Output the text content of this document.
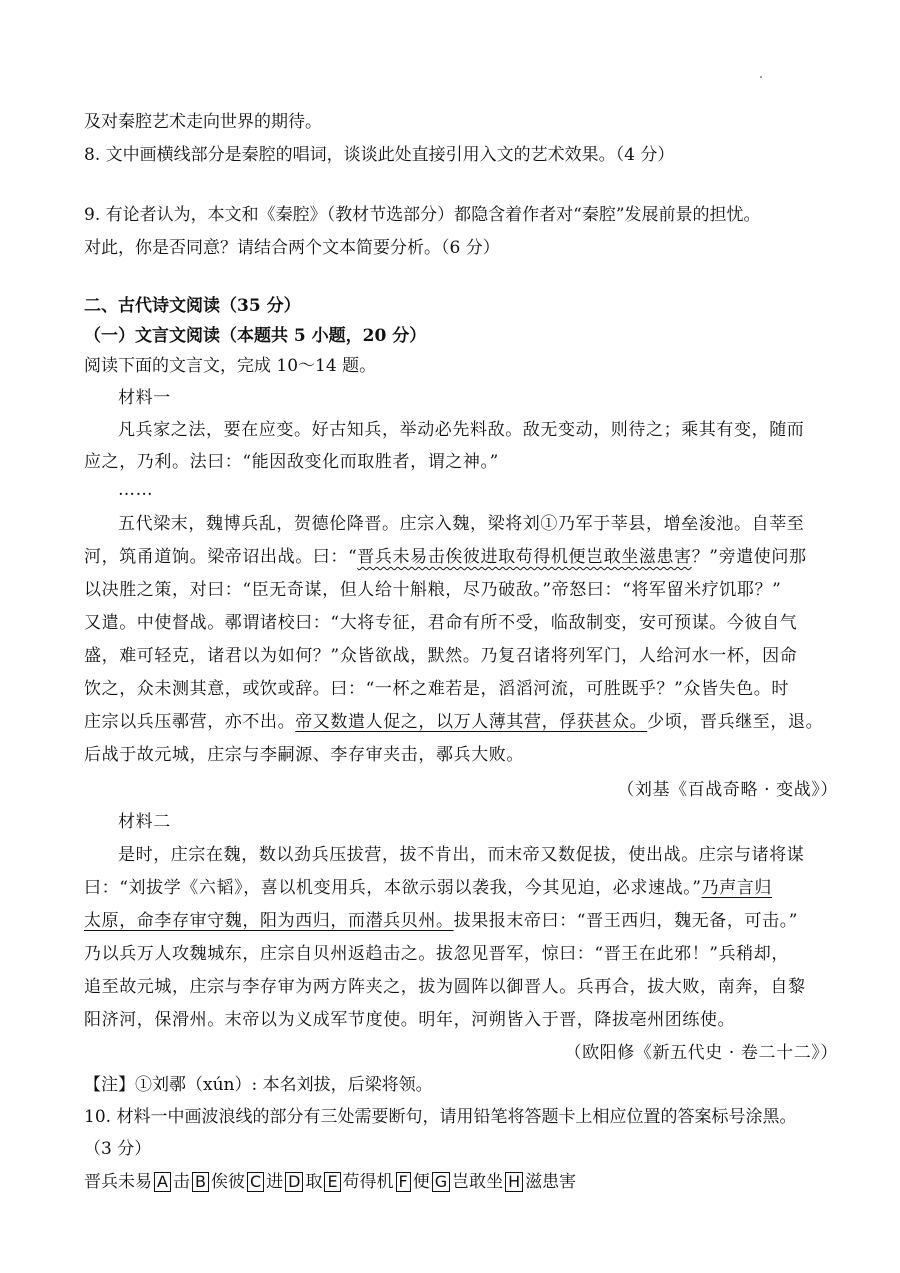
及对秦腔艺术走向世界的期待。
8. 文中画横线部分是秦腔的唱词，谈谈此处直接引用入文的艺术效果。（4 分）
9. 有论者认为，本文和《秦腔》（教材节选部分）都隐含着作者对“秦腔”发展前景的担忧。
对此，你是否同意？请结合两个文本简要分析。（6 分）
二、古代诗文阅读（35 分）
（一）文言文阅读（本题共 5 小题，20 分）
阅读下面的文言文，完成 10～14 题。
材料一
凡兵家之法，要在应变。好古知兵，举动必先料敌。敌无变动，则待之；乘其有变，随而
应之，乃利。法曰：“能因敌变化而取胜者，谓之神。”
……
五代梁末，魏博兵乱，贺德伦降晋。庄宗入魏，梁将刘①乃军于莘县，增垒浚池。自莘至
河，筑甬道饷。梁帝诏出战。曰：“晋兵未易击俟彼进取苟得机便岂敢坐滋患害？”旁遣使问那
以决胜之策，对曰：“臣无奇谋，但人给十斛粮，尽乃破敌。”帝怒曰：“将军留米疗饥耶？”
又遣。中使督战。鄩谓诸校曰：“大将专征，君命有所不受，临敌制变，安可预谋。今彼自气
盛，难可轻克，诸君以为如何？”众皆欲战，默然。乃复召诸将列军门，人给河水一杯，因命
饮之，众未测其意，或饮或辞。曰：“一杯之难若是，滔滔河流，可胜既乎？”众皆失色。时
庄宗以兵压鄩营，亦不出。帝又数遣人促之，以万人薄其营，俘获甚众。少顷，晋兵继至，退。
后战于故元城，庄宗与李嗣源、李存审夹击，鄩兵大败。
（刘基《百战奇略 · 变战》）
材料二
是时，庄宗在魏，数以劲兵压拔营，拔不肯出，而末帝又数促拔，使出战。庄宗与诸将谋
曰：“刘拔学《六韬》，喜以机变用兵，本欲示弱以袭我，今其见迫，必求速战。”乃声言归
太原，命李存审守魏，阳为西归，而潜兵贝州。拔果报末帝曰：“晋王西归，魏无备，可击。”
乃以兵万人攻魏城东，庄宗自贝州返趋击之。拔忽见晋军，惊曰：“晋王在此邪！”兵稍却，
追至故元城，庄宗与李存审为两方阵夹之，拔为圆阵以御晋人。兵再合，拔大败，南奔，自黎
阳济河，保滑州。末帝以为义成军节度使。明年，河朔皆入于晋，降拔亳州团练使。
（欧阳修《新五代史 · 卷二十二》）
【注】①刘鄩（xún）: 本名刘拔，后梁将领。
10. 材料一中画波浪线的部分有三处需要断句，请用铅笔将答题卡上相应位置的答案标号涂黑。
（3 分）
晋兵未易 A 击 B 俟彼 C 进 D 取 E 苟得机 F 便 G 岂敢坐 H 滋患害
